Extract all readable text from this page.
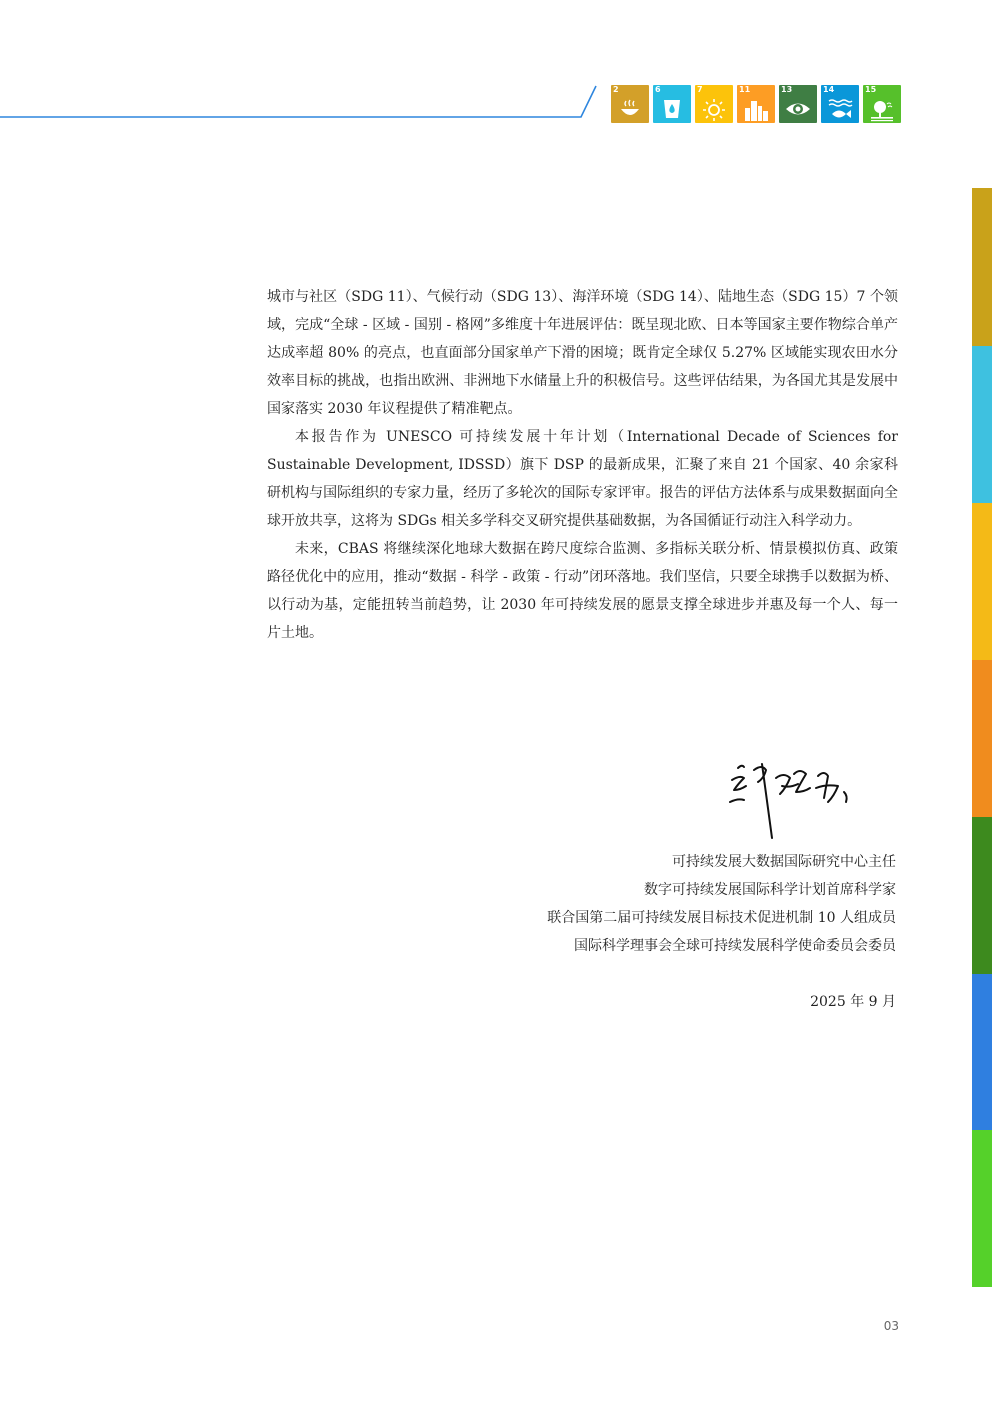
2	6	7	11	13	14	15

城市与社区（SDG 11）、气候行动（SDG 13）、海洋环境（SDG 14）、陆地生态（SDG 15）7 个领域，完成“全球 - 区域 - 国别 - 格网”多维度十年进展评估：既呈现北欧、日本等国家主要作物综合单产达成率超 80% 的亮点，也直面部分国家单产下滑的困境；既肯定全球仅 5.27% 区域能实现农田水分效率目标的挑战，也指出欧洲、非洲地下水储量上升的积极信号。这些评估结果，为各国尤其是发展中国家落实 2030 年议程提供了精准靶点。

本报告作为 UNESCO 可持续发展十年计划（International Decade of Sciences for Sustainable Development, IDSSD）旗下 DSP 的最新成果，汇聚了来自 21 个国家、40 余家科研机构与国际组织的专家力量，经历了多轮次的国际专家评审。报告的评估方法体系与成果数据面向全球开放共享，这将为 SDGs 相关多学科交叉研究提供基础数据，为各国循证行动注入科学动力。

未来，CBAS 将继续深化地球大数据在跨尺度综合监测、多指标关联分析、情景模拟仿真、政策路径优化中的应用，推动“数据 - 科学 - 政策 - 行动”闭环落地。我们坚信，只要全球携手以数据为桥、以行动为基，定能扭转当前趋势，让 2030 年可持续发展的愿景支撑全球进步并惠及每一个人、每一片土地。

可持续发展大数据国际研究中心主任
数字可持续发展国际科学计划首席科学家
联合国第二届可持续发展目标技术促进机制 10 人组成员
国际科学理事会全球可持续发展科学使命委员会委员
2025 年 9 月
03
